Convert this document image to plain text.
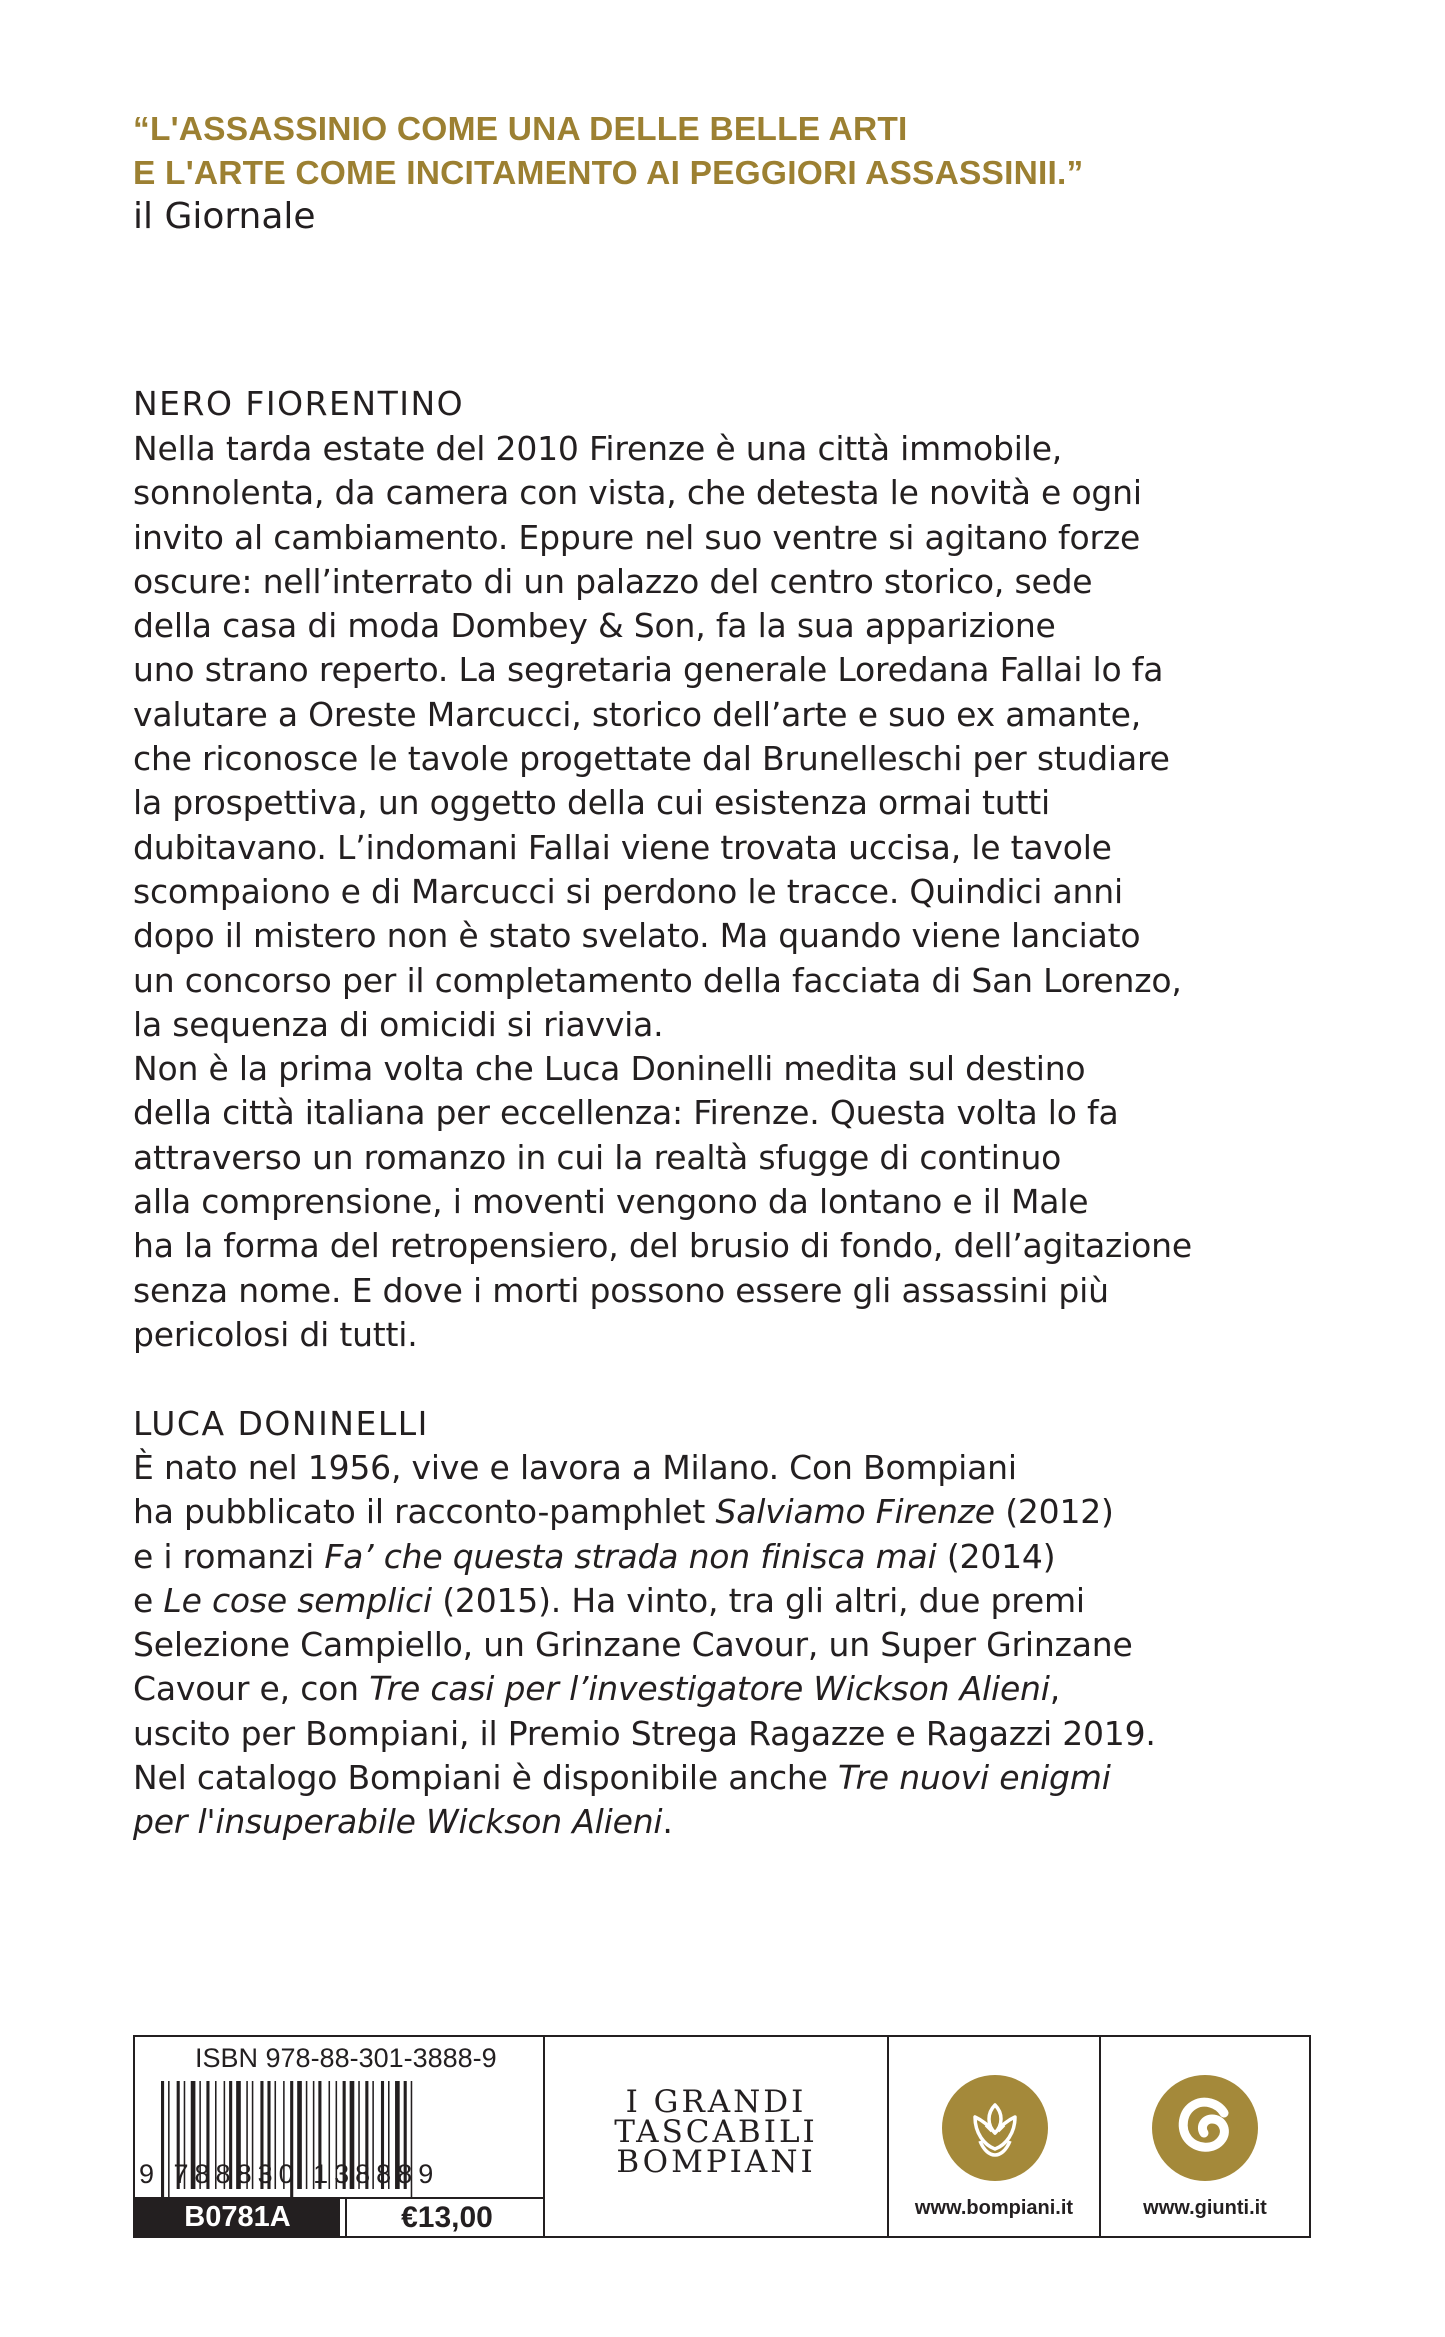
“L'ASSASSINIO COME UNA DELLE BELLE ARTI
E L'ARTE COME INCITAMENTO AI PEGGIORI ASSASSINII.”
il Giornale
NERO FIORENTINO
Nella tarda estate del 2010 Firenze è una città immobile,
sonnolenta, da camera con vista, che detesta le novità e ogni
invito al cambiamento. Eppure nel suo ventre si agitano forze
oscure: nell’interrato di un palazzo del centro storico, sede
della casa di moda Dombey & Son, fa la sua apparizione
uno strano reperto. La segretaria generale Loredana Fallai lo fa
valutare a Oreste Marcucci, storico dell’arte e suo ex amante,
che riconosce le tavole progettate dal Brunelleschi per studiare
la prospettiva, un oggetto della cui esistenza ormai tutti
dubitavano. L’indomani Fallai viene trovata uccisa, le tavole
scompaiono e di Marcucci si perdono le tracce. Quindici anni
dopo il mistero non è stato svelato. Ma quando viene lanciato
un concorso per il completamento della facciata di San Lorenzo,
la sequenza di omicidi si riavvia.
Non è la prima volta che Luca Doninelli medita sul destino
della città italiana per eccellenza: Firenze. Questa volta lo fa
attraverso un romanzo in cui la realtà sfugge di continuo
alla comprensione, i moventi vengono da lontano e il Male
ha la forma del retropensiero, del brusio di fondo, dell’agitazione
senza nome. E dove i morti possono essere gli assassini più
pericolosi di tutti.
LUCA DONINELLI
È nato nel 1956, vive e lavora a Milano. Con Bompiani
ha pubblicato il racconto-pamphlet Salviamo Firenze (2012)
e i romanzi Fa’ che questa strada non finisca mai (2014)
e Le cose semplici (2015). Ha vinto, tra gli altri, due premi
Selezione Campiello, un Grinzane Cavour, un Super Grinzane
Cavour e, con Tre casi per l’investigatore Wickson Alieni,
uscito per Bompiani, il Premio Strega Ragazze e Ragazzi 2019.
Nel catalogo Bompiani è disponibile anche Tre nuovi enigmi
per l'insuperabile Wickson Alieni.
ISBN 978-88-301-3888-9
9 788830 138889
B0781A	€13,00
I GRANDI
TASCABILI
BOMPIANI
www.bompiani.it	www.giunti.it
